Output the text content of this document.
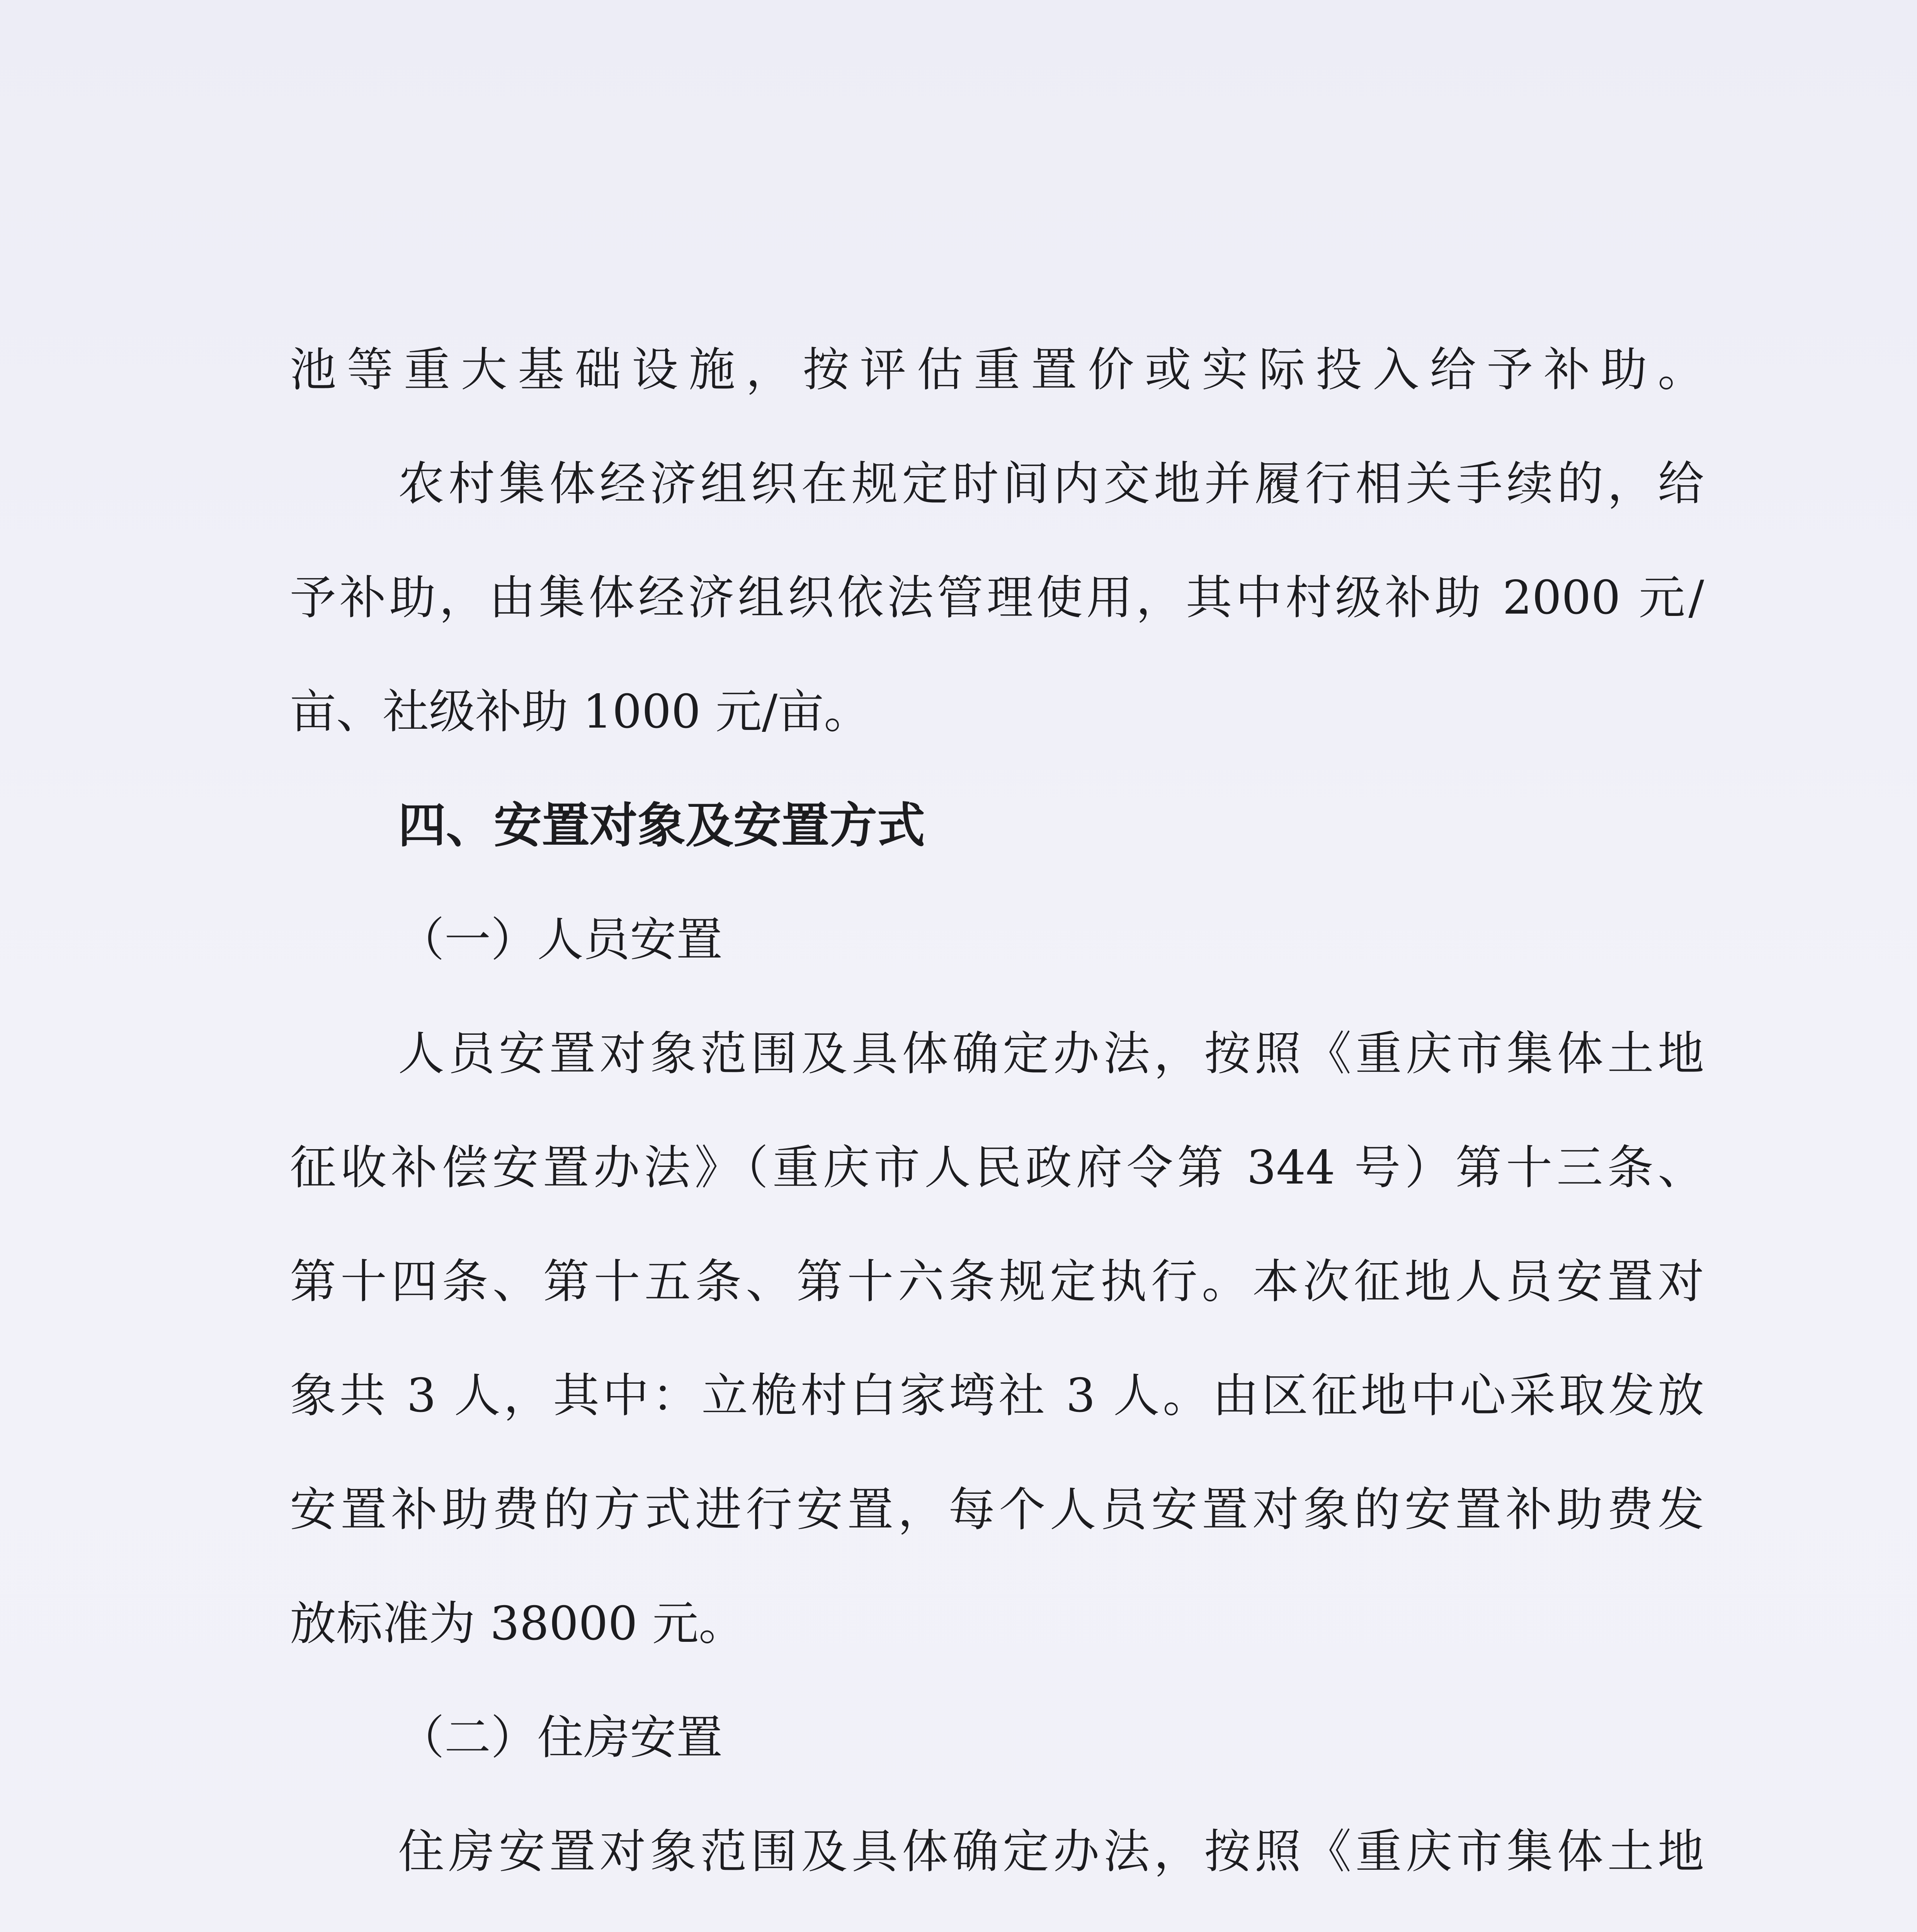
池等重大基础设施，按评估重置价或实际投入给予补助。
农村集体经济组织在规定时间内交地并履行相关手续的，给
予补助，由集体经济组织依法管理使用，其中村级补助 2000 元/
亩、社级补助 1000 元/亩。
四、安置对象及安置方式
（一）人员安置
人员安置对象范围及具体确定办法，按照《重庆市集体土地
征收补偿安置办法》（重庆市人民政府令第 344 号）第十三条、
第十四条、第十五条、第十六条规定执行。本次征地人员安置对
象共 3 人，其中：立桅村白家塆社 3 人。由区征地中心采取发放
安置补助费的方式进行安置，每个人员安置对象的安置补助费发
放标准为 38000 元。
（二）住房安置
住房安置对象范围及具体确定办法，按照《重庆市集体土地
